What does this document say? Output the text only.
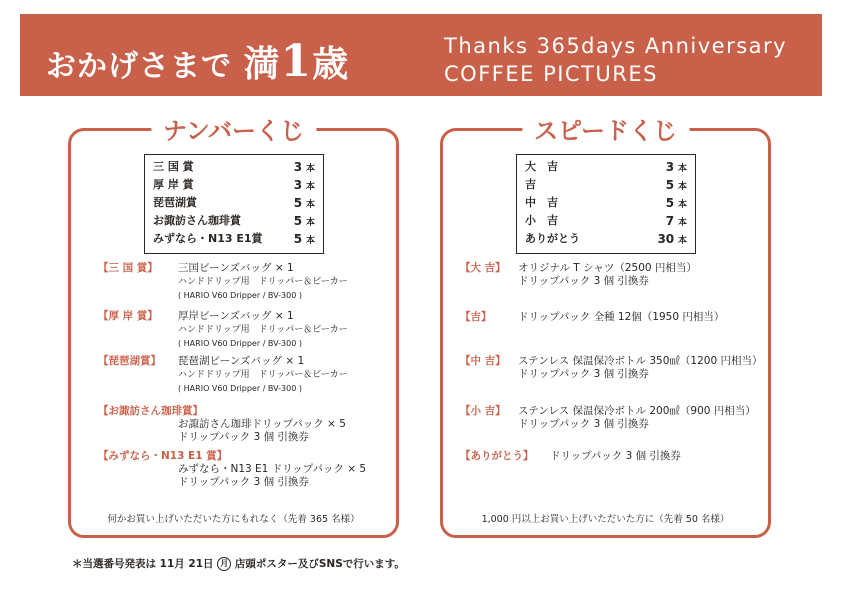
おかげさまで 満1歳	Thanks 365days Anniversary
COFFEE PICTURES
ナンバーくじ
三 国 賞	3 本
厚 岸 賞	3 本
琵琶湖賞	5 本
お諏訪さん珈琲賞	5 本
みずなら・N13 E1賞	5 本
【三 国 賞】 三国ビーンズバッグ × 1
ハンドドリップ用　ドリッパー＆ビーカー
( HARIO V60 Dripper / BV-300 )
【厚 岸 賞】 厚岸ビーンズバッグ × 1
ハンドドリップ用　ドリッパー＆ビーカー
( HARIO V60 Dripper / BV-300 )
【琵琶湖賞】 琵琶湖ビーンズバッグ × 1
ハンドドリップ用　ドリッパー＆ビーカー
( HARIO V60 Dripper / BV-300 )
【お諏訪さん珈琲賞】
お諏訪さん珈琲ドリップパック × 5
ドリップパック 3 個 引換券
【みずなら・N13 E1 賞】
みずなら・N13 E1 ドリップパック × 5
ドリップパック 3 個 引換券
何かお買い上げいただいた方にもれなく（先着 365 名様）
スピードくじ
大　吉	3 本
吉	5 本
中　吉	5 本
小　吉	7 本
ありがとう	30 本
【大 吉】 オリジナル T シャツ（2500 円相当）
ドリップパック 3 個 引換券
【吉】	ドリップパック 全種 12個（1950 円相当）
【中 吉】 ステンレス 保温保冷ボトル 350㎖（1200 円相当）
ドリップパック 3 個 引換券
【小 吉】 ステンレス 保温保冷ボトル 200㎖（900 円相当）
ドリップパック 3 個 引換券
【ありがとう】 ドリップパック 3 個 引換券
1,000 円以上お買い上げいただいた方に（先着 50 名様）
＊当選番号発表は 11月 21日 月 店頭ポスター及びSNSで行います。
